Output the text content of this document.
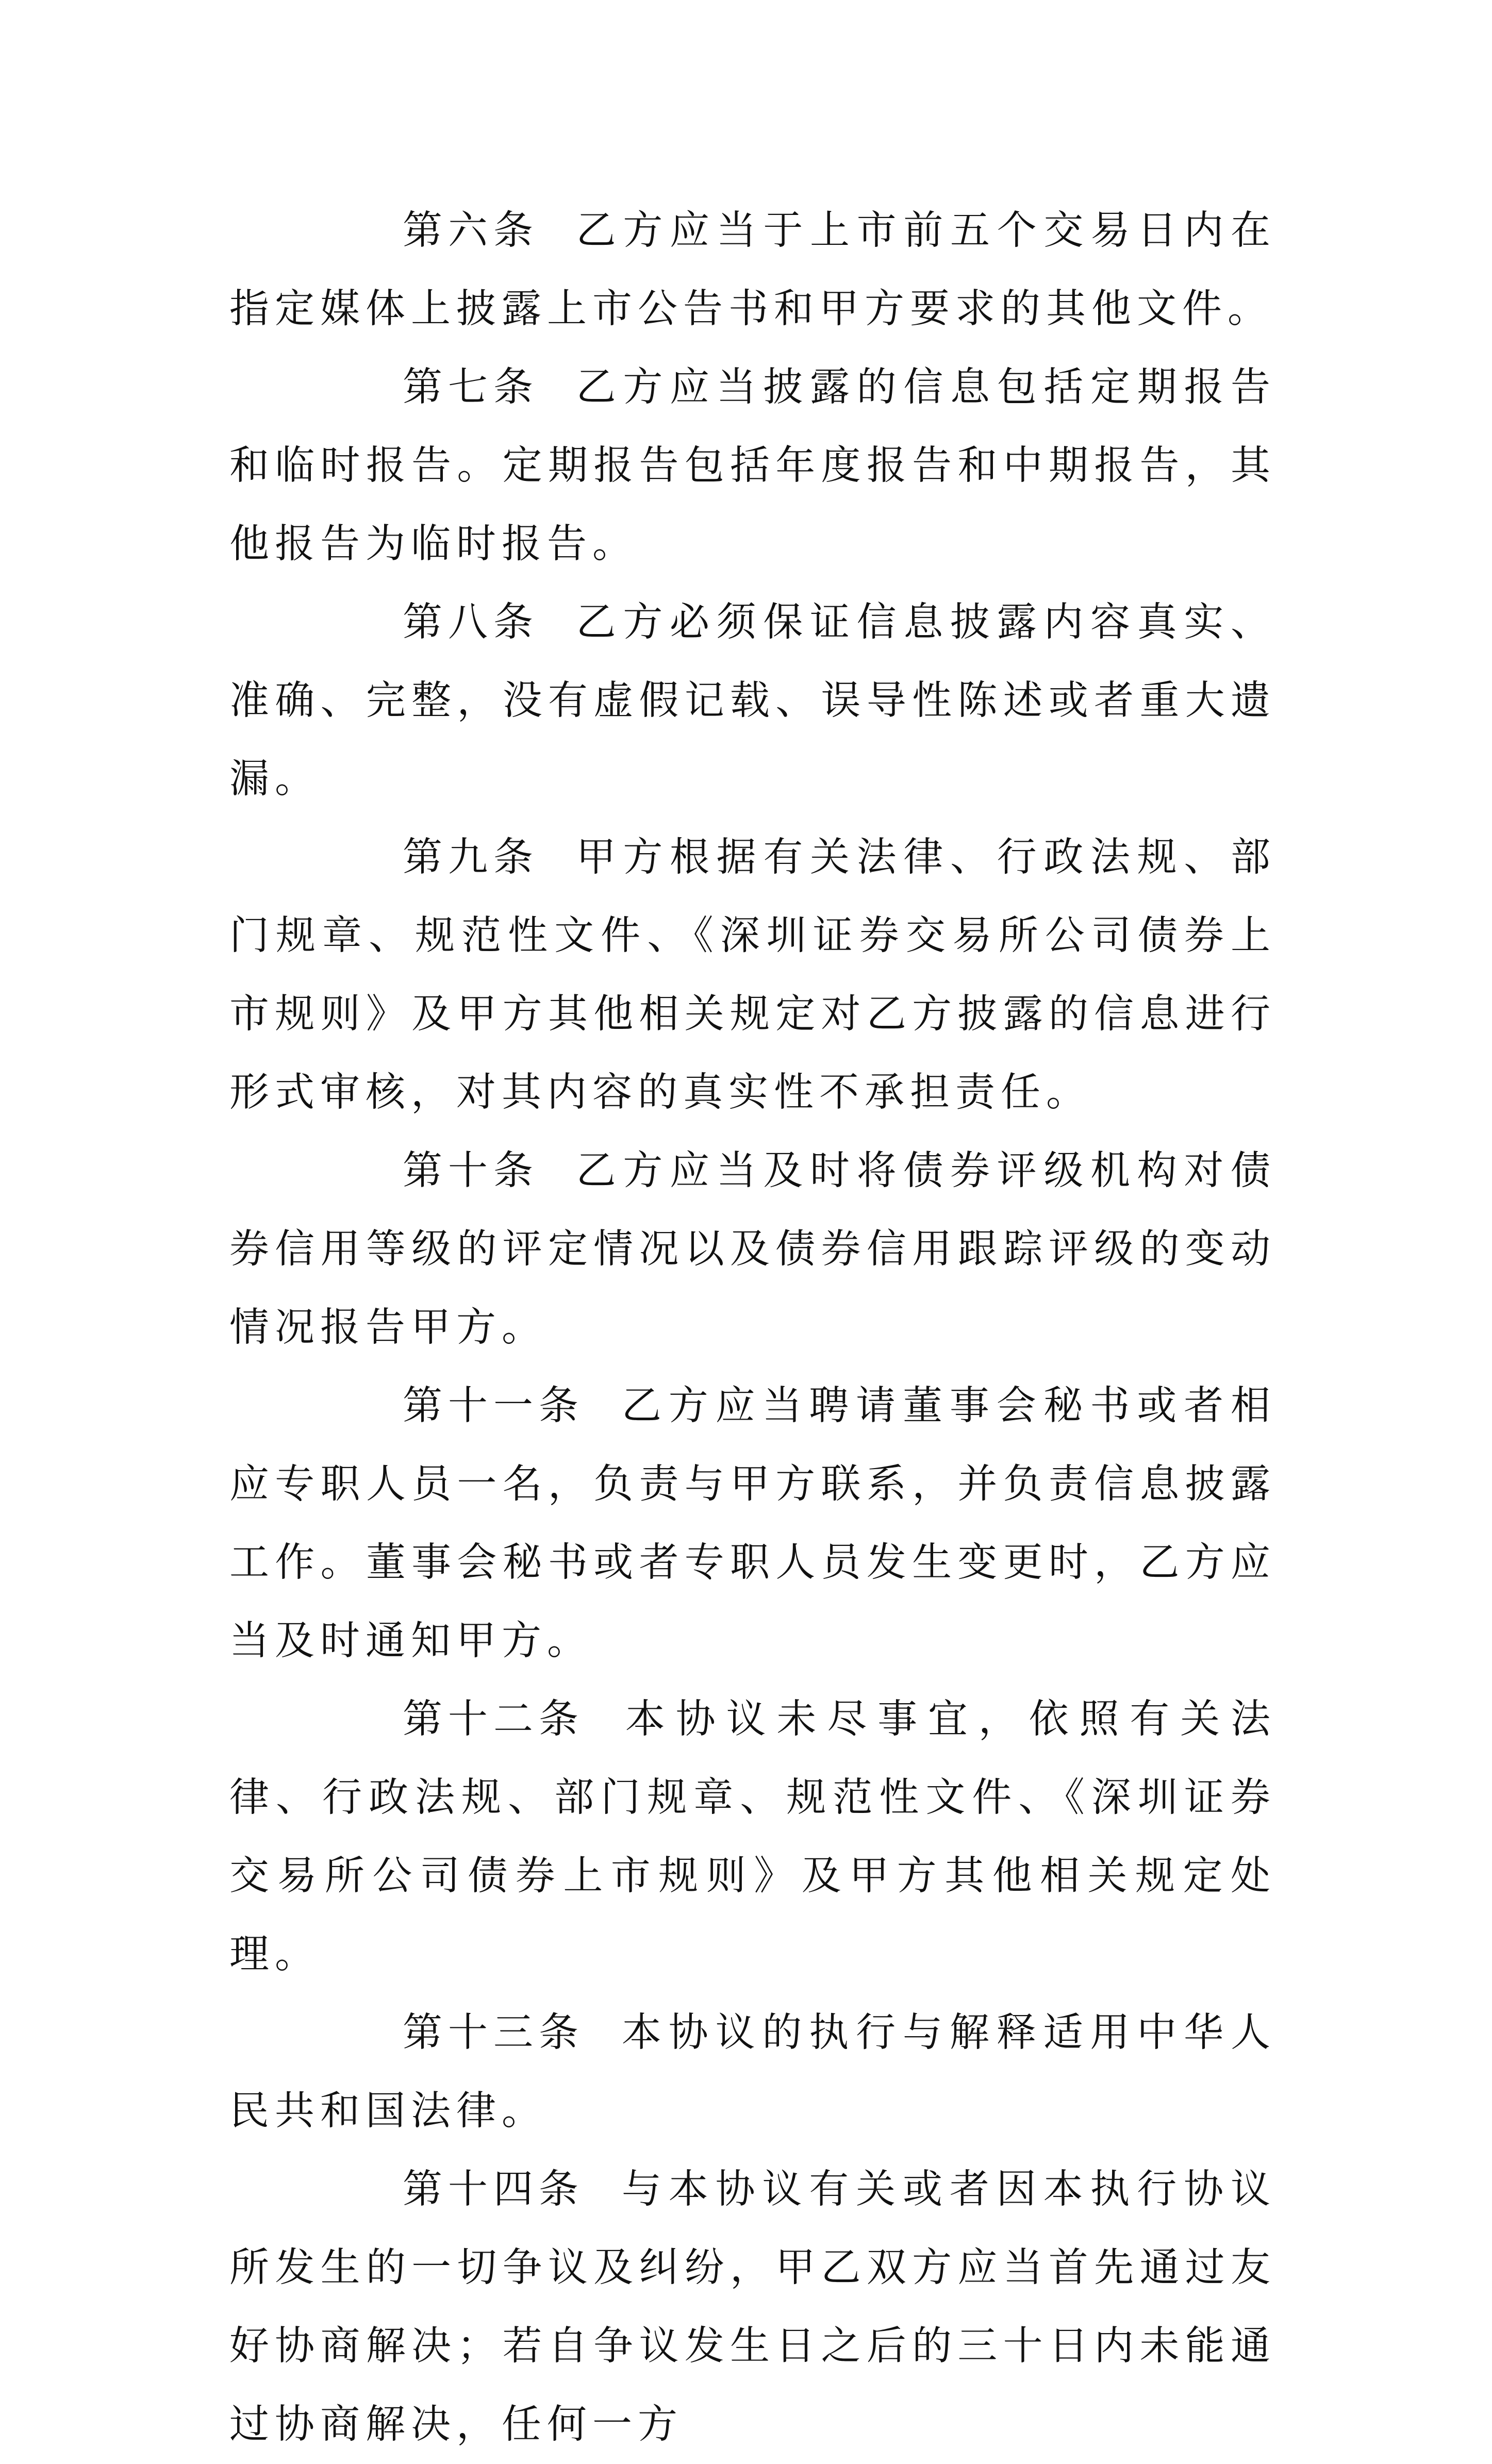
第六条 乙方应当于上市前五个交易日内在指定媒体上披露上市公告书和甲方要求的其他文件。

第七条 乙方应当披露的信息包括定期报告和临时报告。定期报告包括年度报告和中期报告，其他报告为临时报告。

第八条 乙方必须保证信息披露内容真实、准确、完整，没有虚假记载、误导性陈述或者重大遗漏。

第九条 甲方根据有关法律、行政法规、部门规章、规范性文件、《深圳证券交易所公司债券上市规则》及甲方其他相关规定对乙方披露的信息进行形式审核，对其内容的真实性不承担责任。

第十条 乙方应当及时将债券评级机构对债券信用等级的评定情况以及债券信用跟踪评级的变动情况报告甲方。

第十一条 乙方应当聘请董事会秘书或者相应专职人员一名，负责与甲方联系，并负责信息披露工作。董事会秘书或者专职人员发生变更时，乙方应当及时通知甲方。

第十二条 本协议未尽事宜，依照有关法律、行政法规、部门规章、规范性文件、《深圳证券交易所公司债券上市规则》及甲方其他相关规定处理。

第十三条 本协议的执行与解释适用中华人民共和国法律。

第十四条 与本协议有关或者因本执行协议所发生的一切争议及纠纷，甲乙双方应当首先通过友好协商解决；若自争议发生日之后的三十日内未能通过协商解决，任何一方
